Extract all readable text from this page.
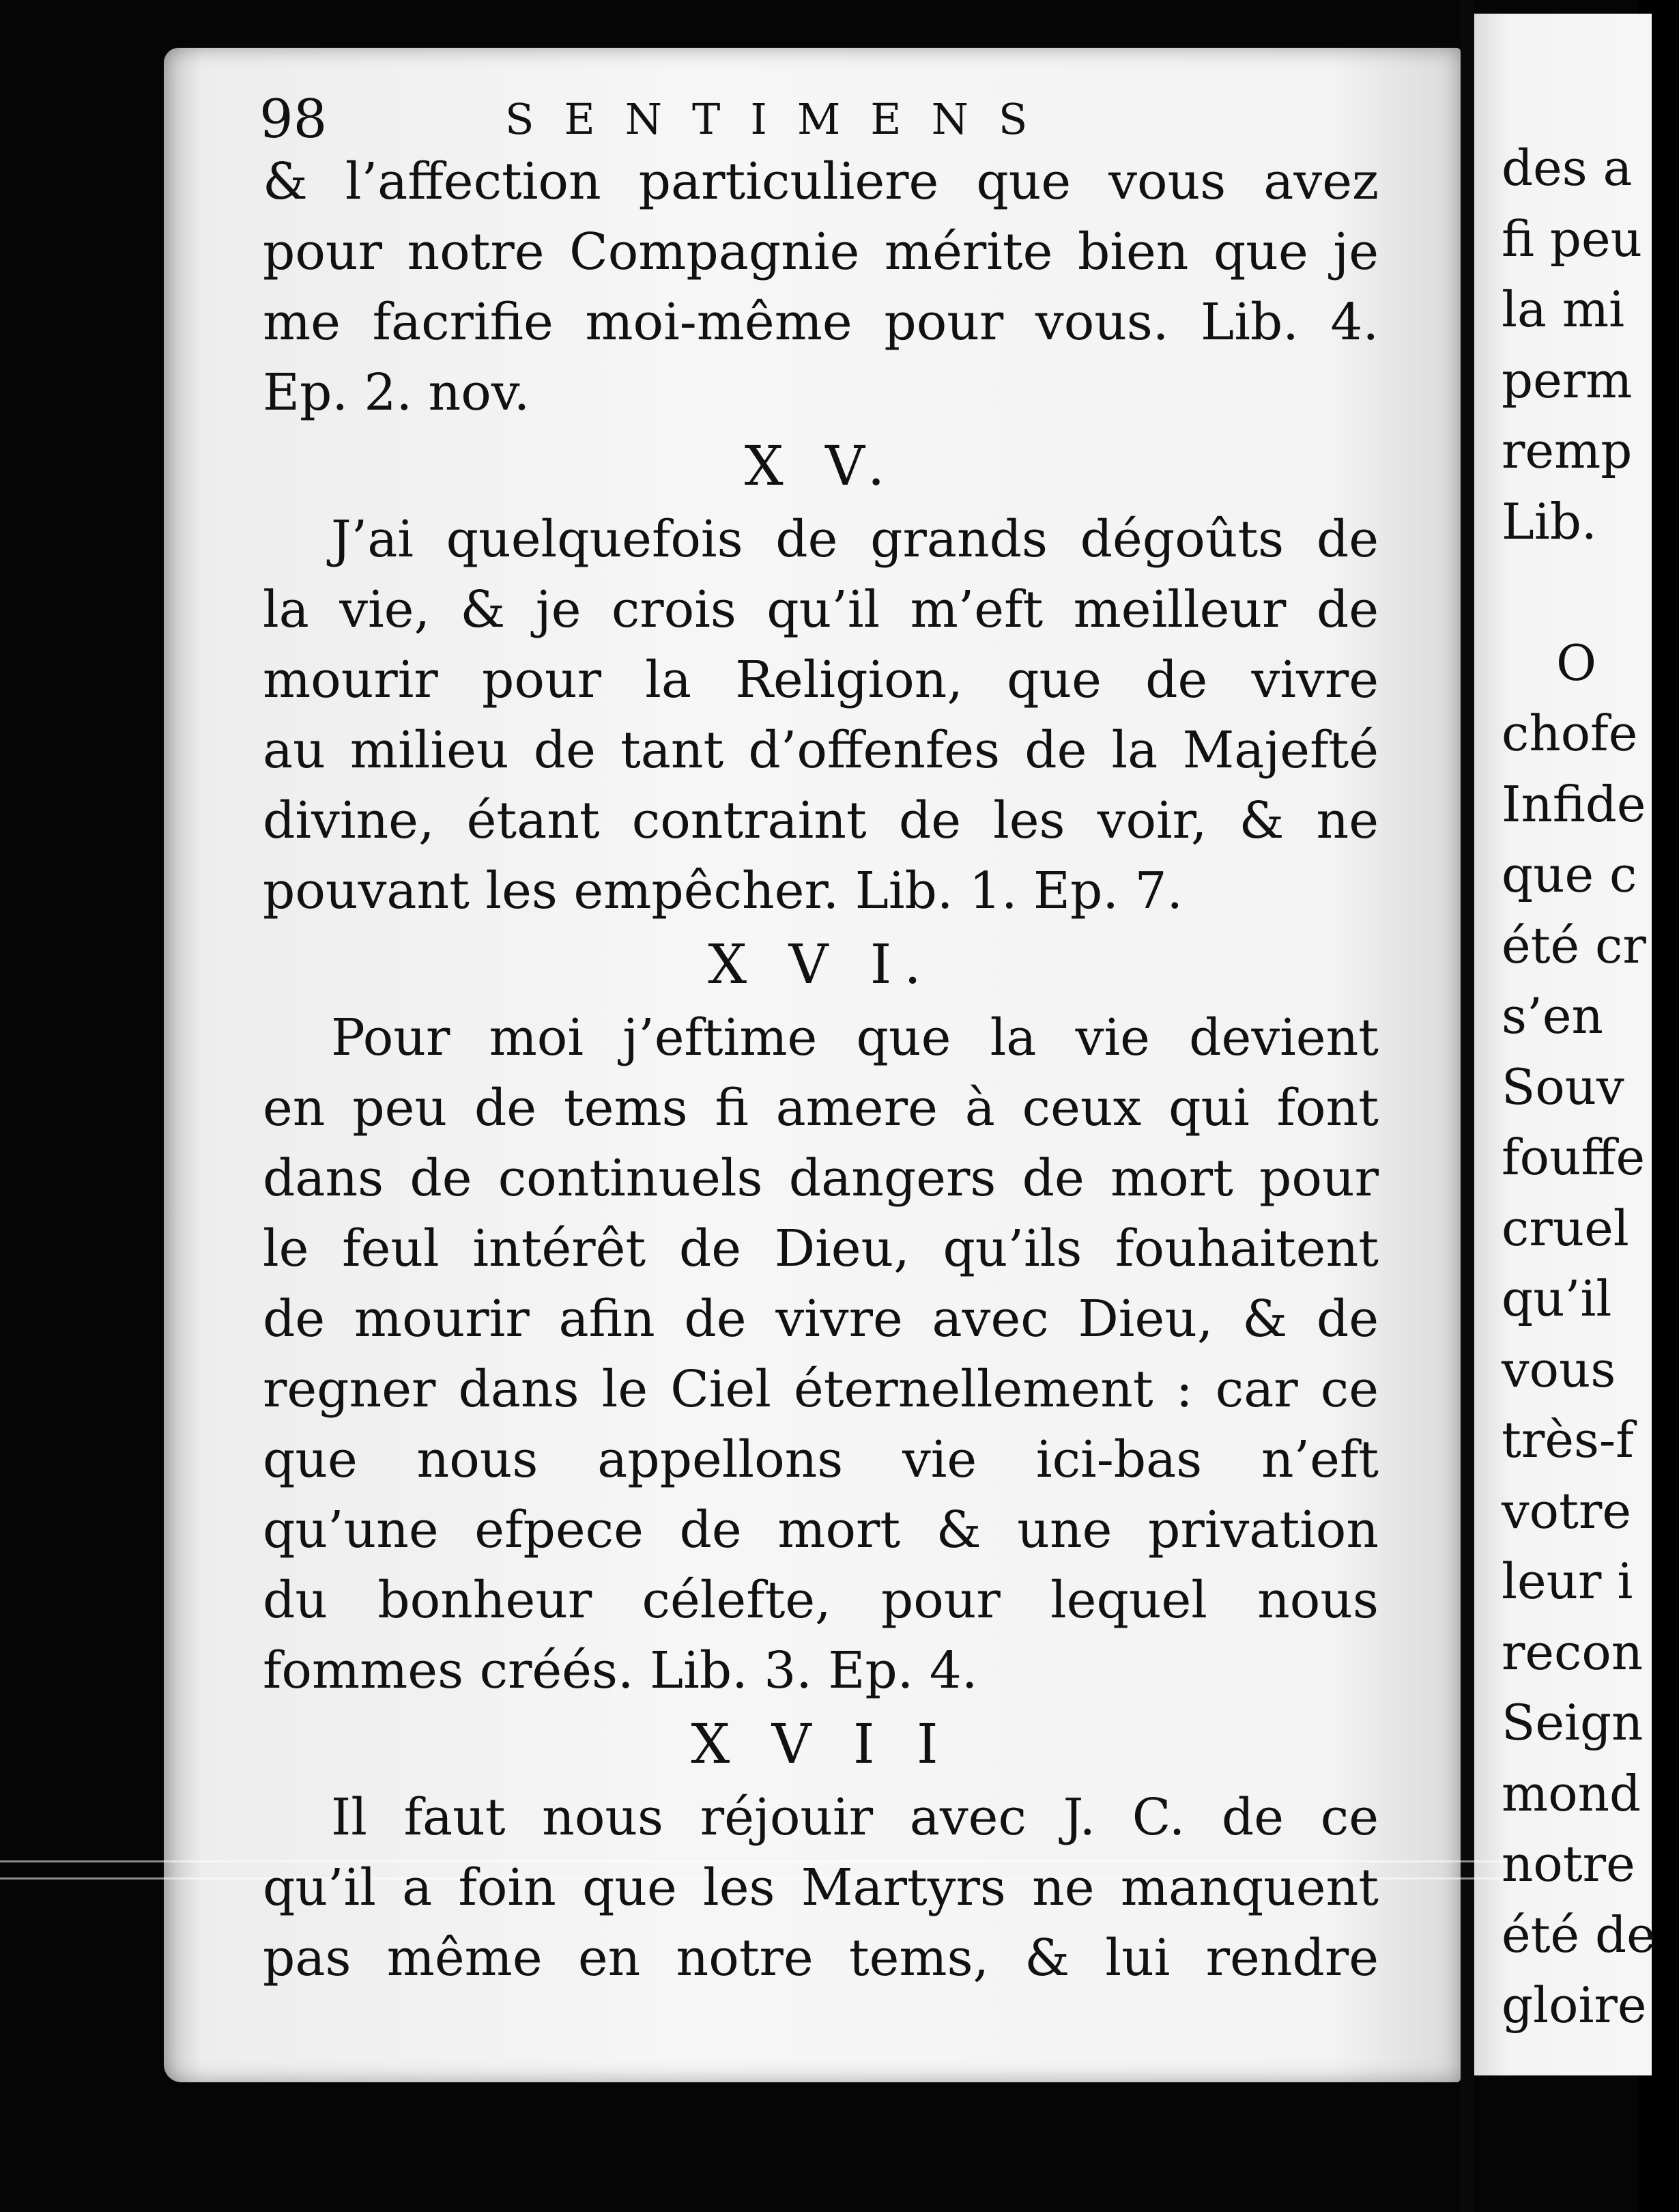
98	SENTIMENS
& l’affection particuliere que vous avez
pour notre Compagnie mérite bien que je
me facrifie moi-même pour vous. Lib. 4.
Ep. 2. nov.
X V.
J’ai quelquefois de grands dégoûts de
la vie, & je crois qu’il m’eft meilleur de
mourir pour la Religion, que de vivre
au milieu de tant d’offenfes de la Majefté
divine, étant contraint de les voir, & ne
pouvant les empêcher. Lib. 1. Ep. 7.
X V I.
Pour moi j’eftime que la vie devient
en peu de tems fi amere à ceux qui font
dans de continuels dangers de mort pour
le feul intérêt de Dieu, qu’ils fouhaitent
de mourir afin de vivre avec Dieu, & de
regner dans le Ciel éternellement : car ce
que nous appellons vie ici-bas n’eft
qu’une efpece de mort & une privation
du bonheur célefte, pour lequel nous
fommes créés. Lib. 3. Ep. 4.
X V I I
Il faut nous réjouir avec J. C. de ce
qu’il a foin que les Martyrs ne manquent
pas même en notre tems, & lui rendre
des a
fi peu
la mi
perm
remp
Lib.
O
chofe
Infide
que c
été cr
s’en
Souv
fouffe
cruel
qu’il
vous
très-f
votre
leur i
recon
Seign
mond
notre
été de
gloire
